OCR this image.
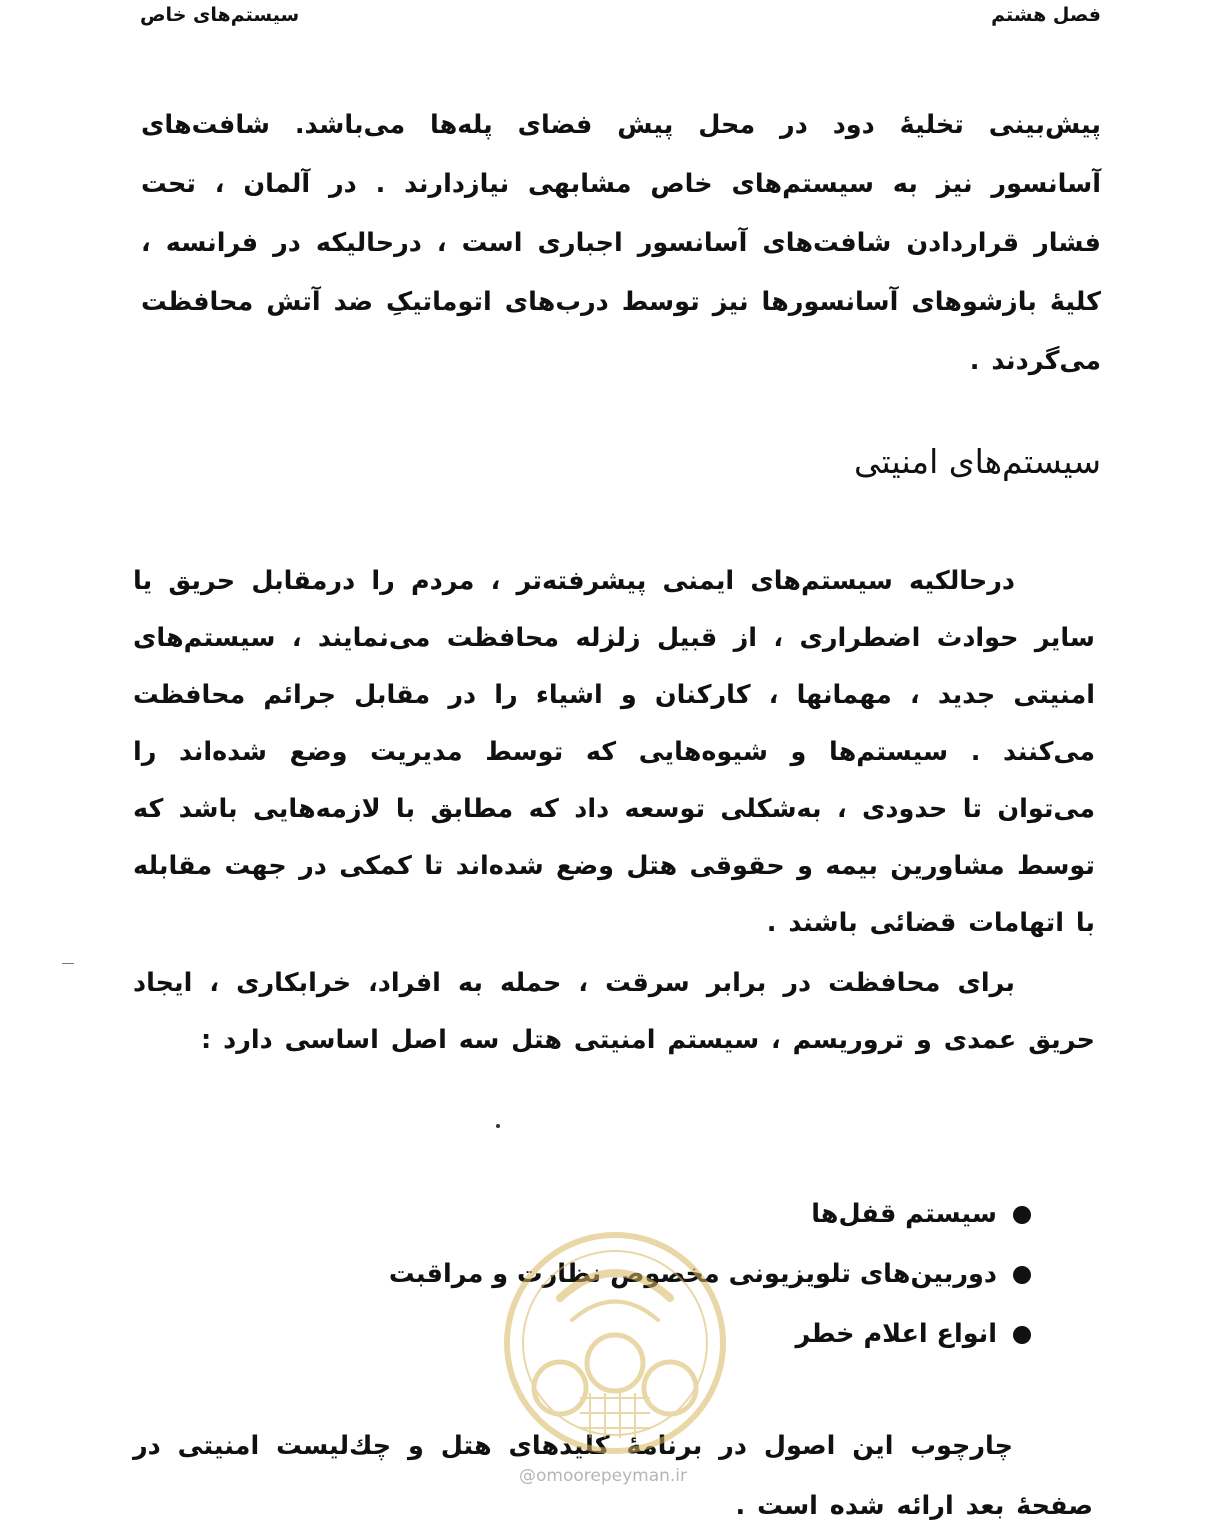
فصل هشتم
سیستم‌های خاص

پیش‌بینی تخلیهٔ دود در محل پیش فضای پله‌ها می‌باشد. شافت‌های آسانسور نیز به سیستم‌های خاص مشابهی نیازدارند . در آلمان ، تحت فشار قراردادن شافت‌های آسانسور اجباری است ، درحالیکه در فرانسه ، کلیهٔ بازشوهای آسانسورها نیز توسط درب‌های اتوماتیکِ ضد آتش محافظت می‌گردند .

سیستم‌های امنیتی

درحالکیه سیستم‌های ایمنی پیشرفته‌تر ، مردم را درمقابل حریق یا سایر حوادث اضطراری ، از قبیل زلزله محافظت می‌نمایند ، سیستم‌های امنیتی جدید ، مهمانها ، کارکنان و اشیاء را در مقابل جرائم محافظت می‌کنند . سیستم‌ها و شیوه‌هایی که توسط مدیریت وضع شده‌اند را می‌توان تا حدودی ، به‌شکلی توسعه داد که مطابق با لازمه‌هایی باشد که توسط مشاورین بیمه و حقوقی هتل وضع شده‌اند تا کمکی در جهت مقابله با اتهامات قضائی باشند .

برای محافظت در برابر سرقت ، حمله به افراد، خرابکاری ، ایجاد حریق عمدی و تروریسم ، سیستم امنیتی هتل سه اصل اساسی دارد :

سیستم قفل‌ها
دوربین‌های تلویزیونی مخصوص نظارت و مراقبت
انواع اعلام خطر

چارچوب این اصول در برنامهٔ کلیدهای هتل و چك‌لیست امنیتی در صفحهٔ بعد ارائه شده است .

@omoorepeyman.ir
